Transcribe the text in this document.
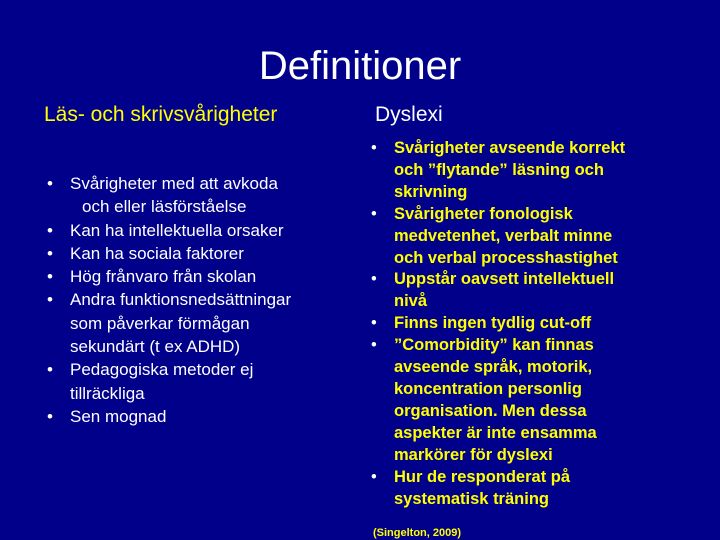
Definitioner
Läs- och skrivsvårigheter	Dyslexi
• Svårigheter med att avkoda
och eller läsförståelse
• Kan ha intellektuella orsaker
• Kan ha sociala faktorer
• Hög frånvaro från skolan
• Andra funktionsnedsättningar
som påverkar förmågan
sekundärt (t ex ADHD)
• Pedagogiska metoder ej
tillräckliga
• Sen mognad
• Svårigheter avseende korrekt
och ”flytande” läsning och
skrivning
• Svårigheter fonologisk
medvetenhet, verbalt minne
och verbal processhastighet
• Uppstår oavsett intellektuell
nivå
• Finns ingen tydlig cut-off
• ”Comorbidity” kan finnas
avseende språk, motorik,
koncentration personlig
organisation. Men dessa
aspekter är inte ensamma
markörer för dyslexi
• Hur de responderat på
systematisk träning
(Singelton, 2009)
